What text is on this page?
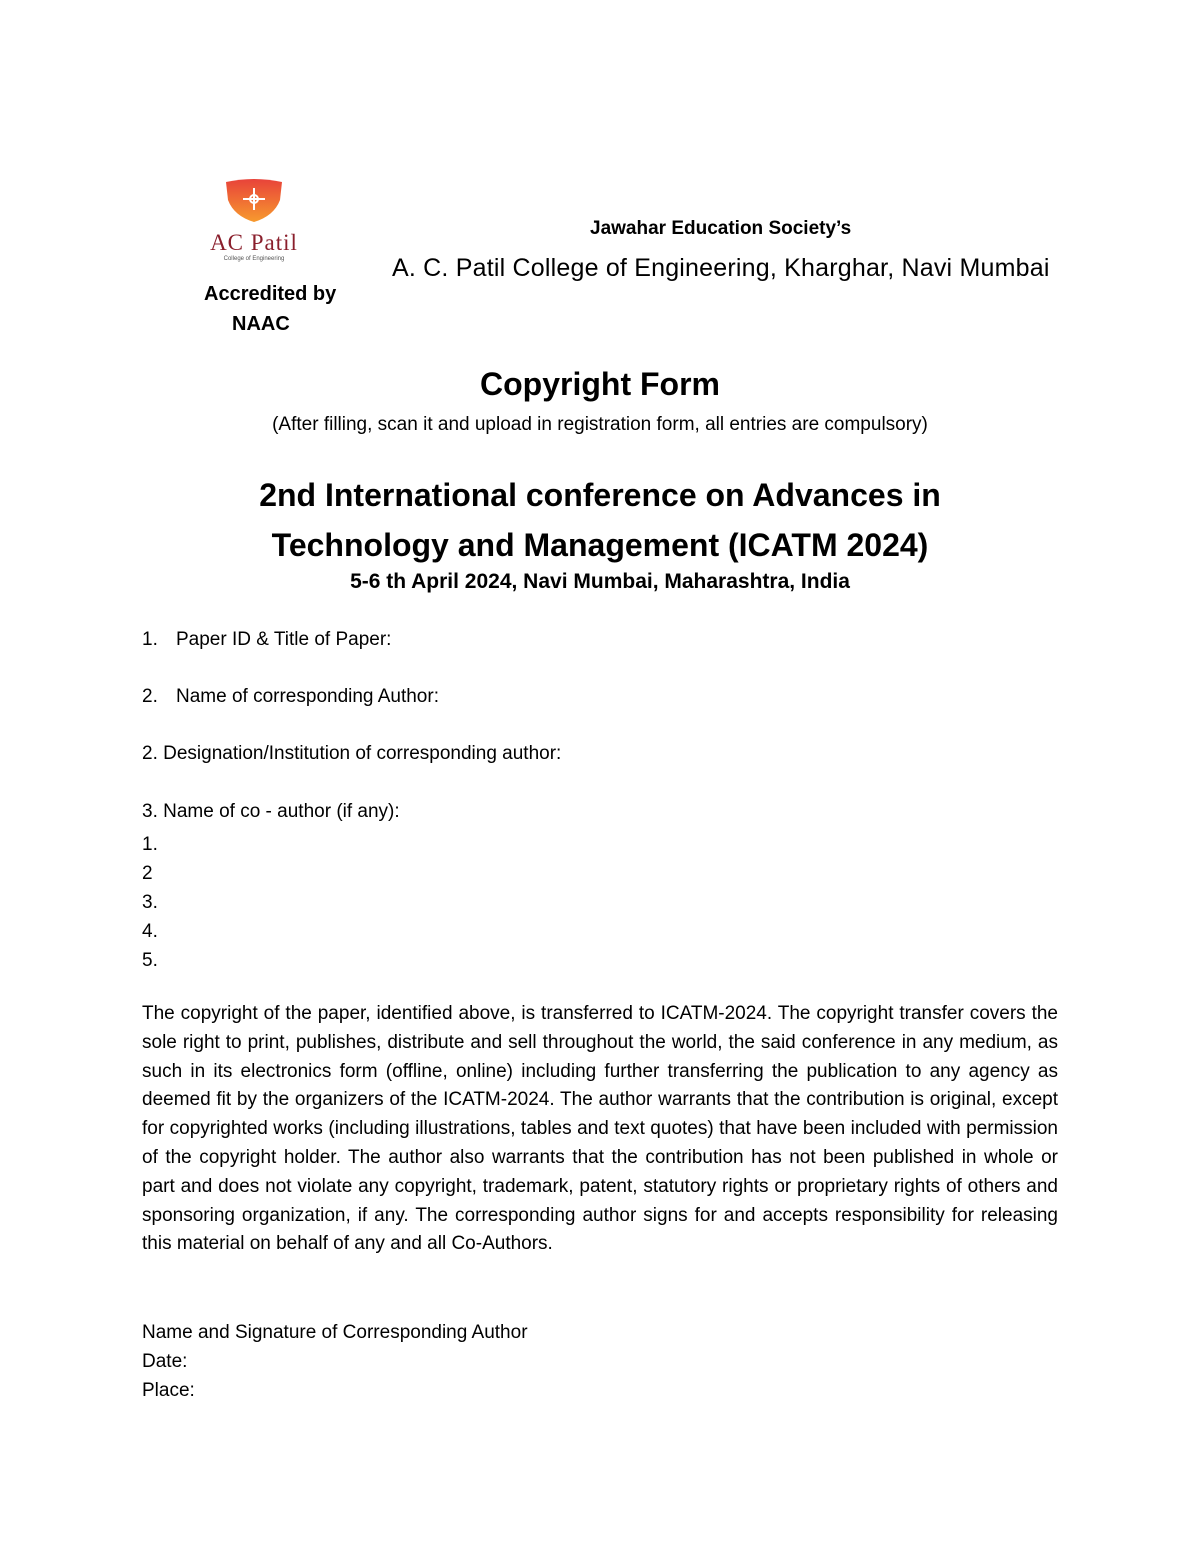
AC Patil
College of Engineering
Accredited by
NAAC
Jawahar Education Society’s
A. C. Patil College of Engineering, Kharghar, Navi Mumbai
Copyright Form
(After filling, scan it and upload in registration form, all entries are compulsory)
2nd International conference on Advances in
Technology and Management (ICATM 2024)
5-6 th April 2024, Navi Mumbai, Maharashtra, India
1. Paper ID & Title of Paper:
2. Name of corresponding Author:
2. Designation/Institution of corresponding author:
3. Name of co - author (if any):
1.
2
3.
4.
5.
The copyright of the paper, identified above, is transferred to ICATM-2024. The copyright transfer covers the sole right to print, publishes, distribute and sell throughout the world, the said conference in any medium, as such in its electronics form (offline, online) including further transferring the publication to any agency as deemed fit by the organizers of the ICATM-2024. The author warrants that the contribution is original, except for copyrighted works (including illustrations, tables and text quotes) that have been included with permission of the copyright holder. The author also warrants that the contribution has not been published in whole or part and does not violate any copyright, trademark, patent, statutory rights or proprietary rights of others and sponsoring organization, if any. The corresponding author signs for and accepts responsibility for releasing this material on behalf of any and all Co-Authors.
Name and Signature of Corresponding Author
Date:
Place:
